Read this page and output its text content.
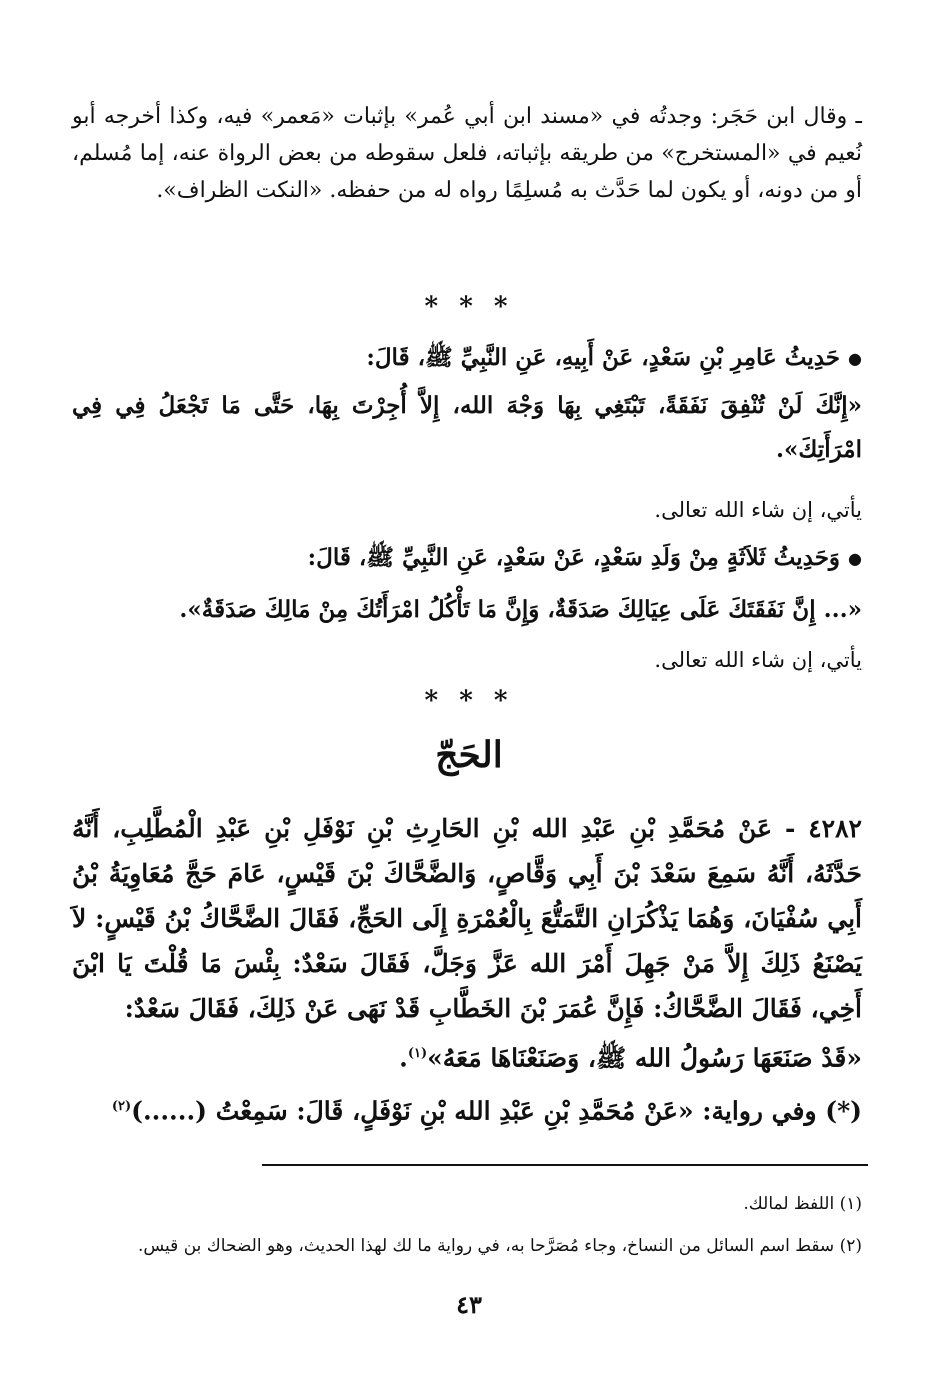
ـ وقال ابن حَجَر: وجدتُه في «مسند ابن أبي عُمر» بإثبات «مَعمر» فيه، وكذا أخرجه أبو نُعيم في «المستخرج» من طريقه بإثباته، فلعل سقوطه من بعض الرواة عنه، إما مُسلم، أو من دونه، أو يكون لما حَدَّث به مُسلِمًا رواه له من حفظه. «النكت الظراف».

* * *
● حَدِيثُ عَامِرِ بْنِ سَعْدٍ، عَنْ أَبِيهِ، عَنِ النَّبِيِّ ﷺ، قَالَ:
«إِنَّكَ لَنْ تُنْفِقَ نَفَقَةً، تَبْتَغِي بِهَا وَجْهَ الله، إِلاَّ أُجِرْتَ بِهَا، حَتَّى مَا تَجْعَلُ فِي فِي امْرَأَتِكَ».
يأتي، إن شاء الله تعالى.
● وَحَدِيثُ ثَلاَثَةٍ مِنْ وَلَدِ سَعْدٍ، عَنْ سَعْدٍ، عَنِ النَّبِيِّ ﷺ، قَالَ:
«... إِنَّ نَفَقَتَكَ عَلَى عِيَالِكَ صَدَقَةٌ، وَإِنَّ مَا تَأْكُلُ امْرَأَتُكَ مِنْ مَالِكَ صَدَقَةٌ».
يأتي، إن شاء الله تعالى.
* * *
الحَجّ
٤٢٨٢ - عَنْ مُحَمَّدِ بْنِ عَبْدِ الله بْنِ الحَارِثِ بْنِ نَوْفَلِ بْنِ عَبْدِ الْمُطَّلِبِ، أَنَّهُ حَدَّثَهُ، أَنَّهُ سَمِعَ سَعْدَ بْنَ أَبِي وَقَّاصٍ، وَالضَّحَّاكَ بْنَ قَيْسٍ، عَامَ حَجَّ مُعَاوِيَةُ بْنُ أَبِي سُفْيَانَ، وَهُمَا يَذْكُرَانِ التَّمَتُّعَ بِالْعُمْرَةِ إِلَى الحَجِّ، فَقَالَ الضَّحَّاكُ بْنُ قَيْسٍ: لاَ يَصْنَعُ ذَلِكَ إِلاَّ مَنْ جَهِلَ أَمْرَ الله عَزَّ وَجَلَّ، فَقَالَ سَعْدٌ: بِئْسَ مَا قُلْتَ يَا ابْنَ أَخِي، فَقَالَ الضَّحَّاكُ: فَإِنَّ عُمَرَ بْنَ الخَطَّابِ قَدْ نَهَى عَنْ ذَلِكَ، فَقَالَ سَعْدٌ:
«قَدْ صَنَعَهَا رَسُولُ الله ﷺ، وَصَنَعْنَاهَا مَعَهُ»$^{(١)}$.
(*) وفي رواية: «عَنْ مُحَمَّدِ بْنِ عَبْدِ الله بْنِ نَوْفَلٍ، قَالَ: سَمِعْتُ (......)$^{(٢)}$
(١) اللفظ لمالك.
(٢) سقط اسم السائل من النساخ، وجاء مُصَرَّحا به، في رواية ما لك لهذا الحديث، وهو الضحاك بن قيس.
٤٣
